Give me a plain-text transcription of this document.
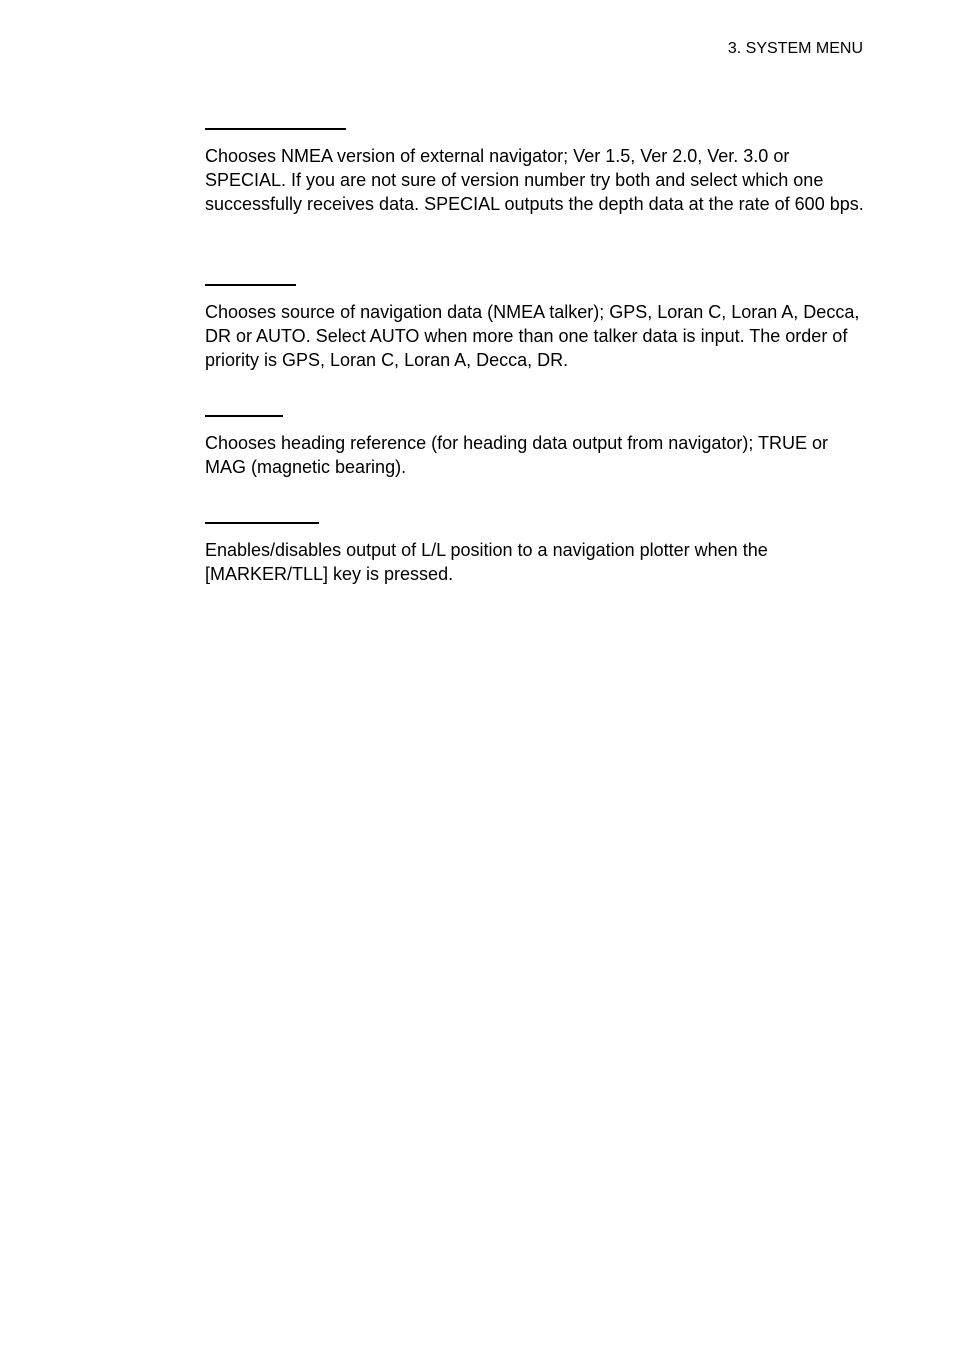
3. SYSTEM MENU

Chooses NMEA version of external navigator; Ver 1.5, Ver 2.0, Ver. 3.0 or SPECIAL. If you are not sure of version number try both and select which one successfully receives data. SPECIAL outputs the depth data at the rate of 600 bps.

Chooses source of navigation data (NMEA talker); GPS, Loran C, Loran A, Decca, DR or AUTO. Select AUTO when more than one talker data is input. The order of priority is GPS, Loran C, Loran A, Decca, DR.

Chooses heading reference (for heading data output from navigator); TRUE or MAG (magnetic bearing).

Enables/disables output of L/L position to a navigation plotter when the [MARKER/TLL] key is pressed.
